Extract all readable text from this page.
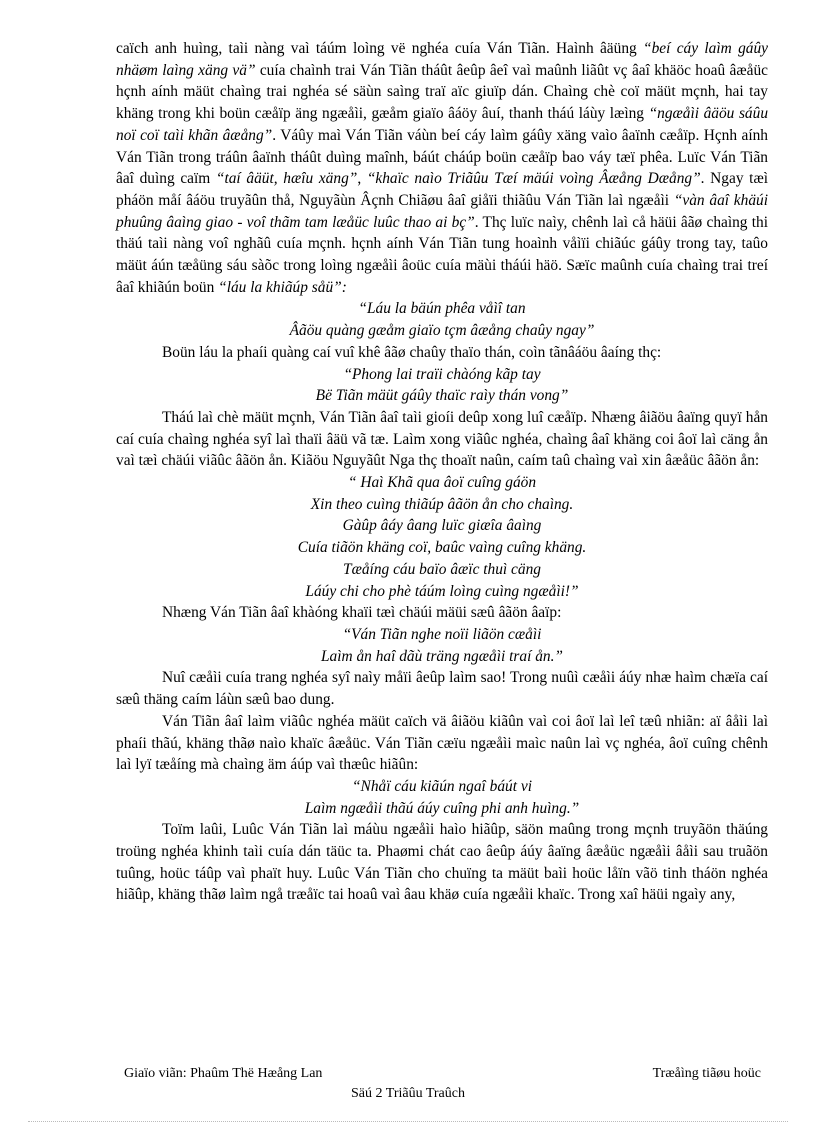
caïch anh huìng, taìi nàng vaì táúm loìng vë nghéa cuía Ván Tiãn. Haình âäüng “beí cáy laìm gáûy nhäøm laìng xäng vä” cuía chaình trai Ván Tiãn tháût âeûp âeî vaì maûnh liãût vç âaî khäöc hoaû âæåüc hçnh aính mäüt chaìng trai nghéa sé säùn saìng traï aïc giuïp dán. Chaìng chè coï mäüt mçnh, hai tay khäng trong khi boün cæåïp äng ngæåìi, gæåm giaïo âáöy âuí, thanh tháú láùy læìng “ngæåìi âäöu sáûu noï coï taìi khãn âæång”. Váûy maì Ván Tiãn váùn beí cáy laìm gáûy xäng vaìo âaïnh cæåïp. Hçnh aính Ván Tiãn trong tráûn âaïnh tháût duìng maînh, báút cháúp boün cæåïp bao váy tæï phêa. Luïc Ván Tiãn âaî duìng caïm “taí âäüt, hæîu xäng”, “khaïc naìo Triãûu Tæí mäúi voìng Âæång Dæång”. Ngay tæì pháön måí âáöu truyãûn thå, Nguyãùn Âçnh Chiãøu âaî giåïi thiãûu Ván Tiãn laì ngæåìi “vàn âaî khäúi phuûng âaìng giao - voî thãm tam læåüc luûc thao ai bç”. Thç luïc naìy, chênh laì cå häüi âãø chaìng thi thäú taìi nàng voî nghãû cuía mçnh. hçnh aính Ván Tiãn tung hoaình våìïi chiãúc gáûy trong tay, taûo mäüt áún tæåüng sáu sàõc trong loìng ngæåìi âoüc cuía mäùi tháúi häö. Sæïc maûnh cuía chaìng trai treí âaî khiãún boün “láu la khiãúp såü”:

“Láu la bäún phêa våìî tan

Âãöu quàng gæåm giaïo tçm âæång chaûy ngay”

Boün láu la phaíi quàng caí vuî khê âãø chaûy thaïo thán, coìn tãnâáöu âaíng thç:

“Phong lai traïi chàóng kãp tay

Bë Tiãn mäüt gáûy thaïc raìy thán vong”

Tháú laì chè mäüt mçnh, Ván Tiãn âaî taìi gioíi deûp xong luî cæåïp. Nhæng âiãöu âaïng quyï hån caí cuía chaìng nghéa syî laì thaïi âäü vã tæ. Laìm xong viãûc nghéa, chaìng âaî khäng coi âoï laì cäng ån vaì tæì chäúi viãûc âãön ån. Kiãöu Nguyãût Nga thç thoaït naûn, caím taû chaìng vaì xin âæåüc âãön ån:

“ Haì Khã qua âoï cuîng gáön

Xin theo cuìng thiãúp âãön ån cho chaìng.

Gàûp âáy âang luïc giæîa âaìng

Cuía tiãön khäng coï, baûc vaìng cuîng khäng.

Tæåíng cáu baïo âæïc thuì cäng

Láúy chi cho phè táúm loìng cuìng ngæåìi!”

Nhæng Ván Tiãn âaî khàóng khaïi tæì chäúi mäüi sæû âãön âaïp:

“Ván Tiãn nghe noïi liãön cæåìi

Laìm ån haî dãù träng ngæåìi traí ån.”

Nuî cæåìi cuía trang nghéa syî naìy måïi âeûp laìm sao! Trong nuûì cæåìi áúy nhæ haìm chæïa caí sæû thäng caím láùn sæû bao dung.

Ván Tiãn âaî laìm viãûc nghéa mäüt caïch vä âiãöu kiãûn vaì coi âoï laì leî tæû nhiãn: aï âåìi laì phaíi thãú, khäng thãø naìo khaïc âæåüc. Ván Tiãn cæïu ngæåìi maìc naûn laì vç nghéa, âoï cuîng chênh laì lyï tæåíng mà chaìng äm áúp vaì thæûc hiãûn:

“Nhåï cáu kiãún ngaî báút vi

Laìm ngæåìi thãú áúy cuîng phi anh huìng.”

Toïm laûi, Luûc Ván Tiãn laì máùu ngæåìi haìo hiãûp, säön maûng trong mçnh truyãön thäúng troüng nghéa khinh taìi cuía dán täüc ta. Phaømi chát cao âeûp áúy âaïng âæåüc ngæåìi âåìi sau truãön tuûng, hoüc táûp vaì phaït huy. Luûc Ván Tiãn cho chuïng ta mäüt baìi hoüc låïn vãö tinh tháön nghéa hiãûp, khäng thãø laìm ngå træåïc tai hoaû vaì âau khäø cuía ngæåìi khaïc. Trong xaî häüi ngaìy any,

Giaïo viãn: Phaûm Thë Hæång Lan	Træåìng tiãøu hoüc
Säú 2 Triãûu Traûch
